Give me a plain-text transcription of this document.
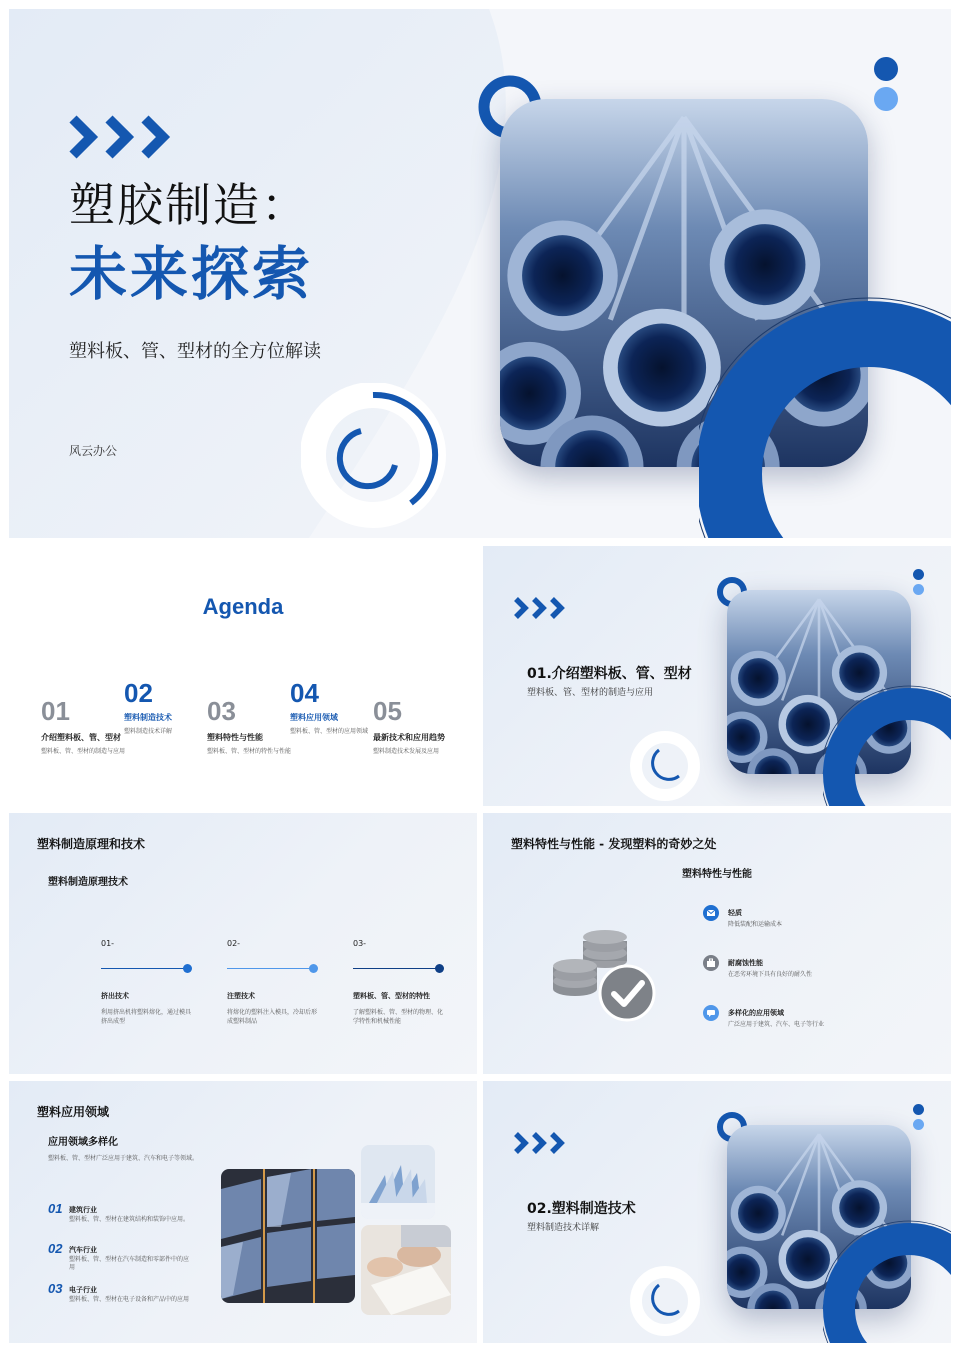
塑胶制造：
未来探索
塑料板、管、型材的全方位解读
风云办公
Agenda
01
介绍塑料板、管、型材
塑料板、管、型材的制造与应用
02
塑料制造技术
塑料制造技术详解
03
塑料特性与性能
塑料板、管、型材的特性与性能
04
塑料应用领域
塑料板、管、型材的应用领域
05
最新技术和应用趋势
塑料制造技术发展及应用
01.介绍塑料板、管、型材
塑料板、管、型材的制造与应用
塑料制造原理和技术
塑料制造原理技术
01-
挤出技术
利用挤出机将塑料熔化，通过模具
挤出成型
02-
注塑技术
将熔化的塑料注入模具，冷却后形
成塑料制品
03-
塑料板、管、型材的特性
了解塑料板、管、型材的物理、化
学特性和机械性能
塑料特性与性能 - 发现塑料的奇妙之处
塑料特性与性能
轻质
降低装配和运输成本
耐腐蚀性能
在恶劣环境下具有良好的耐久性
多样化的应用领域
广泛应用于建筑、汽车、电子等行业
塑料应用领域
应用领域多样化
塑料板、管、型材广泛应用于建筑、汽车和电子等领域。
01 建筑行业
塑料板、管、型材在建筑结构和装饰中应用。
02 汽车行业
塑料板、管、型材在汽车制造和零部件中的应
用
03 电子行业
塑料板、管、型材在电子设备和产品中的应用
02.塑料制造技术
塑料制造技术详解
